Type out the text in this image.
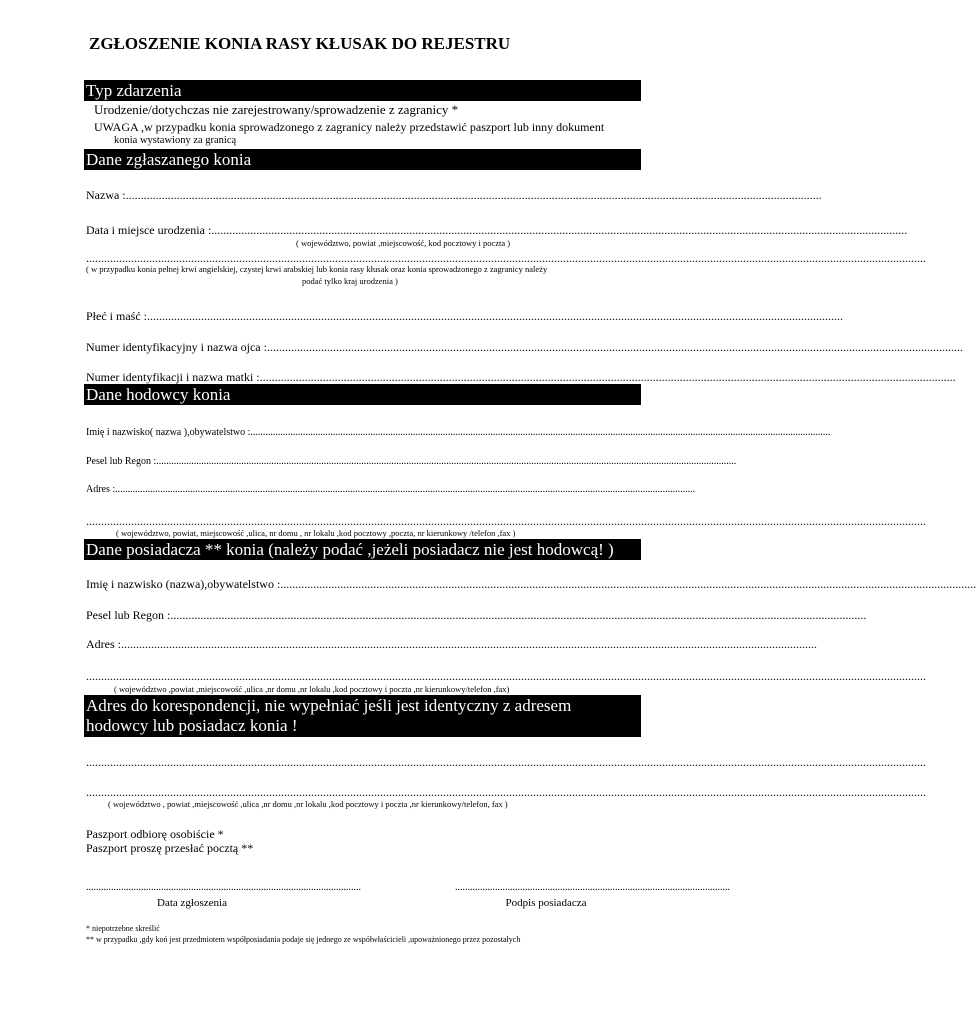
ZGŁOSZENIE KONIA RASY KŁUSAK DO REJESTRU
Typ zdarzenia
Urodzenie/dotychczas nie zarejestrowany/sprowadzenie z zagranicy *
UWAGA ,w przypadku konia sprowadzonego z zagranicy należy przedstawić paszport lub inny dokument
konia wystawiony za granicą
Dane zgłaszanego konia
Nazwa : ........................................................................................................................................................................................................................................
Data i miejsce urodzenia : ........................................................................................................................................................................................................................................
( województwo, powiat ,miejscowość, kod pocztowy i poczta )
........................................................................................................................................................................................................................................................................................
( w przypadku konia pełnej krwi angielskiej, czystej krwi arabskiej lub konia rasy kłusak oraz konia sprowadzonego z zagranicy należy
podać tylko kraj urodzenia )
Płeć i maść : ........................................................................................................................................................................................................................................
Numer identyfikacyjny i nazwa ojca : ........................................................................................................................................................................................................................................
Numer identyfikacji i nazwa matki : ........................................................................................................................................................................................................................................
Dane hodowcy konia
Imię i nazwisko( nazwa ),obywatelstwo : ........................................................................................................................................................................................................................................
Pesel lub Regon : ........................................................................................................................................................................................................................................
Adres : ........................................................................................................................................................................................................................................
........................................................................................................................................................................................................................................................................................
( województwo, powiat, miejscowość ,ulica, nr domu , nr lokalu ,kod pocztowy ,poczta, nr kierunkowy /telefon ,fax )
Dane posiadacza ** konia (należy podać ,jeżeli posiadacz nie jest hodowcą! )
Imię i nazwisko (nazwa),obywatelstwo : ........................................................................................................................................................................................................................................
Pesel lub Regon : ........................................................................................................................................................................................................................................
Adres : ........................................................................................................................................................................................................................................
........................................................................................................................................................................................................................................................................................
( województwo ,powiat ,miejscowość ,ulica ,nr domu ,nr lokalu ,kod pocztowy i poczta ,nr kierunkowy/telefon ,fax)
Adres do korespondencji, nie wypełniać jeśli jest identyczny z adresem
hodowcy lub posiadacz konia !
........................................................................................................................................................................................................................................................................................
........................................................................................................................................................................................................................................................................................
( województwo , powiat ,miejscowość ,ulica ,nr domu ,nr lokalu ,kod pocztowy i poczta ,nr kierunkowy/telefon, fax )
Paszport odbiorę osobiście *
Paszport proszę przesłać pocztą **
..............................................................................................................
Data zgłoszenia
..............................................................................................................
Podpis posiadacza
* niepotrzebne skreślić
** w przypadku ,gdy koń jest przedmiotem współposiadania podaje się jednego ze współwłaścicieli ,upoważnionego przez pozostałych
